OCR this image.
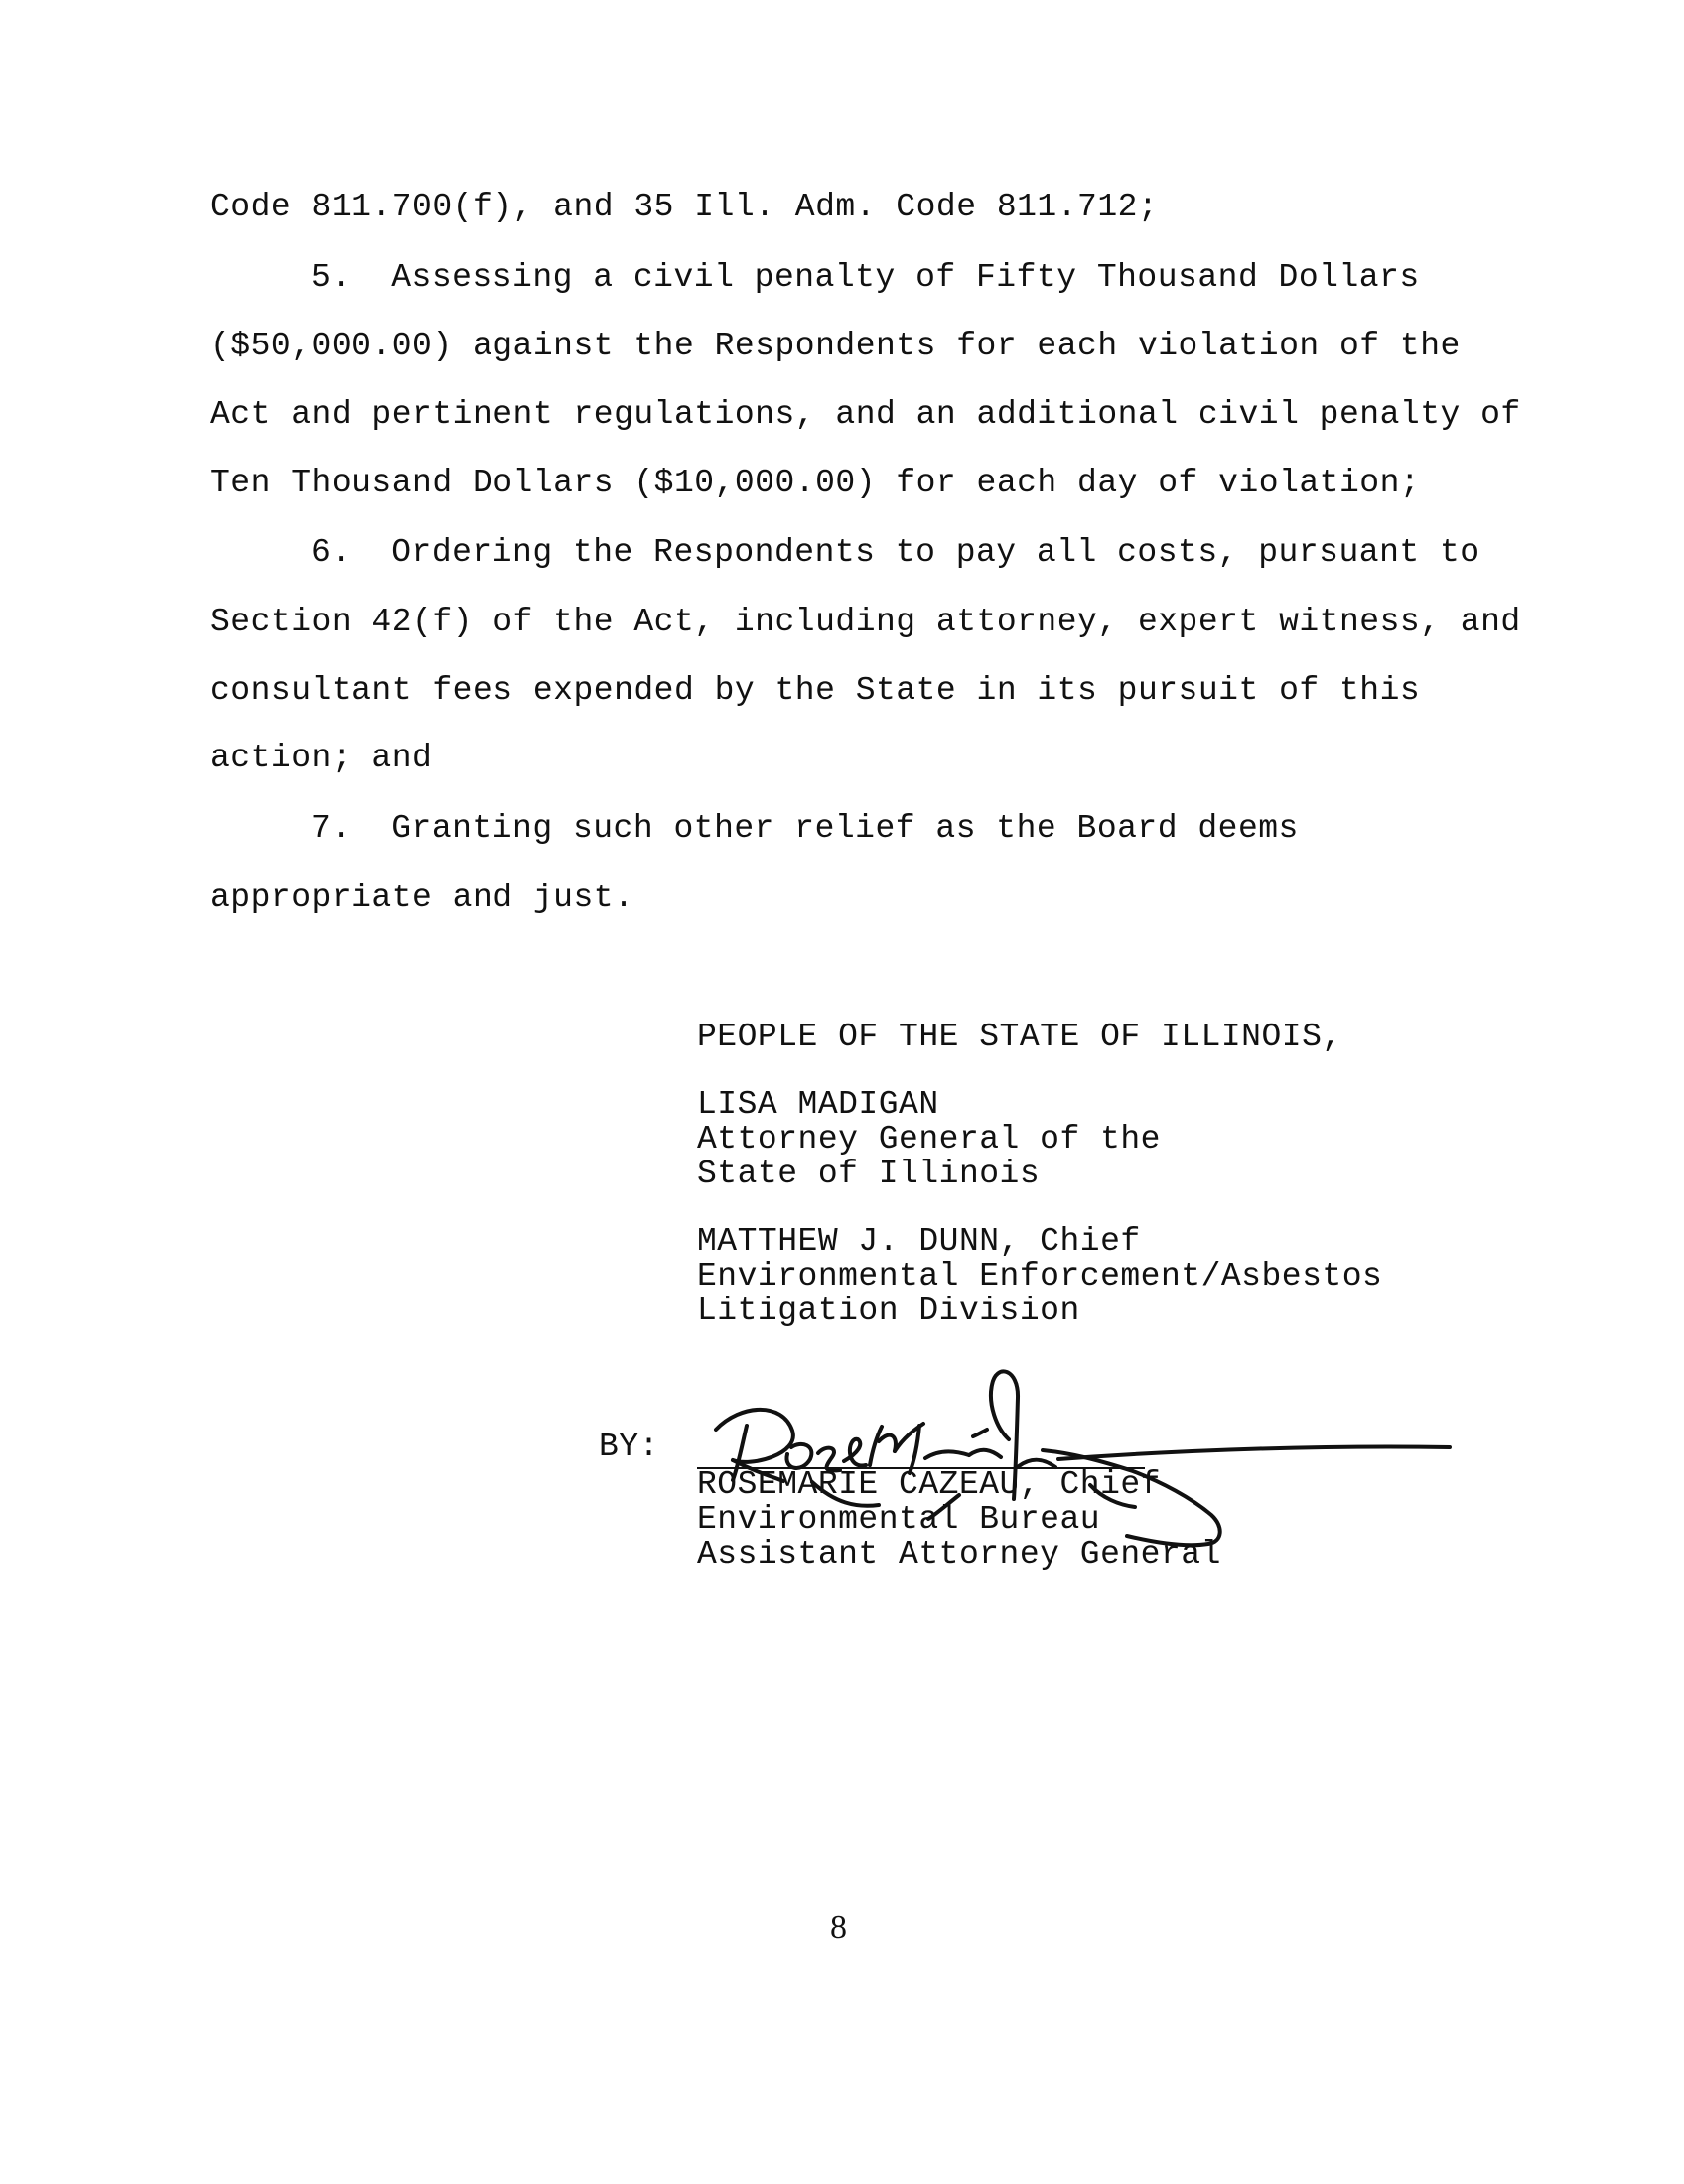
Code 811.700(f), and 35 Ill. Adm. Code 811.712;
5.  Assessing a civil penalty of Fifty Thousand Dollars
($50,000.00) against the Respondents for each violation of the
Act and pertinent regulations, and an additional civil penalty of
Ten Thousand Dollars ($10,000.00) for each day of violation;
6.  Ordering the Respondents to pay all costs, pursuant to
Section 42(f) of the Act, including attorney, expert witness, and
consultant fees expended by the State in its pursuit of this
action; and
7.  Granting such other relief as the Board deems
appropriate and just.
PEOPLE OF THE STATE OF ILLINOIS,
LISA MADIGAN
Attorney General of the
State of Illinois
MATTHEW J. DUNN, Chief
Environmental Enforcement/Asbestos
Litigation Division
BY:
ROSEMARIE CAZEAU, Chief
Environmental Bureau
Assistant Attorney General
8
